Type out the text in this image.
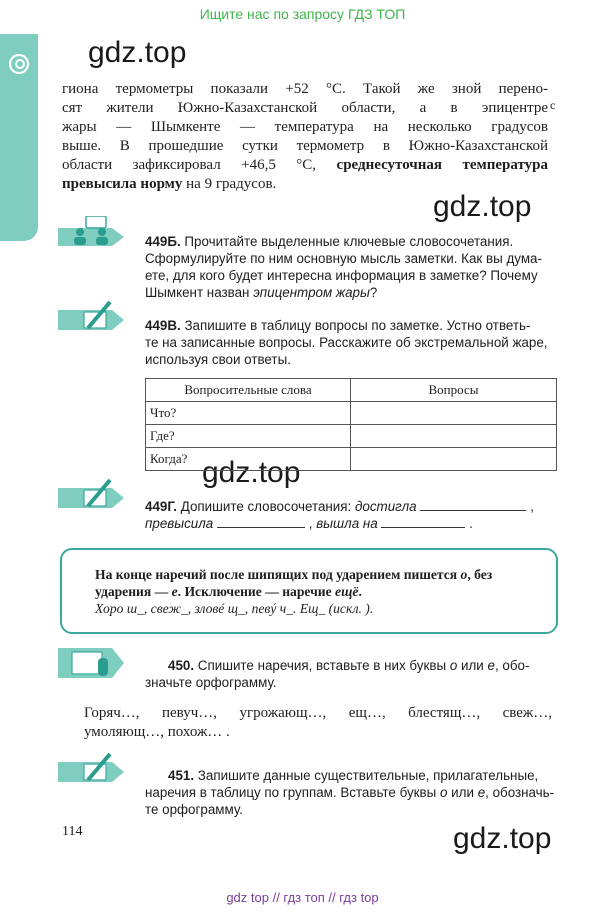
Ищите нас по запросу ГДЗ ТОП
gdz.top
gdz.top
gdz.top
gdz.top

гиона термометры показали +52 °С. Такой же зной перено-

сят жители Южно-Казахстанской области, а в эпицентре

жары — Шымкенте — температура на несколько градусов

выше. В прошедшие сутки термометр в Южно-Казахстанской

области зафиксировал +46,5 °С, среднесуточная температура

превысила норму на 9 градусов.

с
449Б. Прочитайте выделенные ключевые словосочетания.
Сформулируйте по ним основную мысль заметки. Как вы дума-
ете, для кого будет интересна информация в заметке? Почему
Шымкент назван эпицентром жары?
449В. Запишите в таблицу вопросы по заметке. Устно ответь-
те на записанные вопросы. Расскажите об экстремальной жаре,
используя свои ответы.
Вопросительные слова	Вопросы
Что?	
Где?	
Когда?	
449Г. Допишите словосочетания: достигла	,
превысила	, вышла на	.
На конце наречий после шипящих под ударением пишется о, без
ударения — е. Исключение — наречие ещё.
Хоро ш_, свеж_, зловé щ_, певý ч_. Ещ_ (искл. ).
450. Спишите наречия, вставьте в них буквы о или е, обо-
значьте орфограмму.

Горяч…, певуч…, угрожающ…, ещ…, блестящ…, свеж…,

умоляющ…, похож… .

451. Запишите данные существительные, прилагательные,
наречия в таблицу по группам. Вставьте буквы о или е, обозначь-
те орфограмму.
114
gdz top // гдз топ // гдз top
